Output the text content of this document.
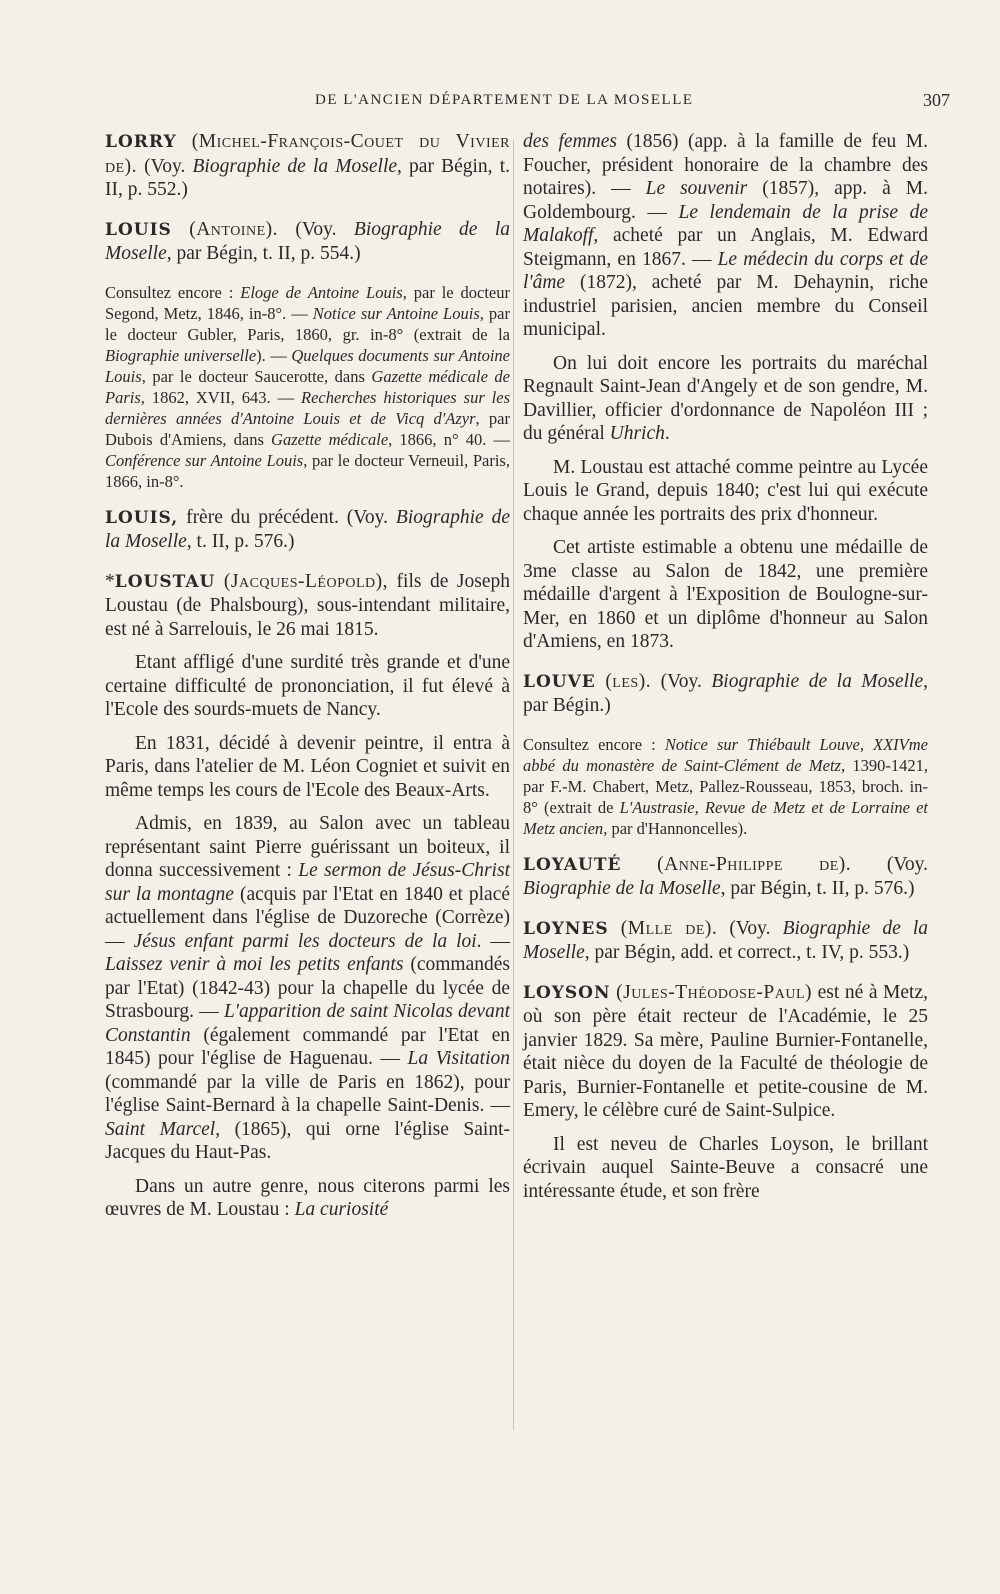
DE L'ANCIEN DÉPARTEMENT DE LA MOSELLE	307

LORRY (Michel-François-Couet du Vivier de). (Voy. Biographie de la Moselle, par Bégin, t. II, p. 552.)

LOUIS (Antoine). (Voy. Biographie de la Moselle, par Bégin, t. II, p. 554.)

Consultez encore : Eloge de Antoine Louis, par le docteur Segond, Metz, 1846, in-8°. — Notice sur Antoine Louis, par le docteur Gubler, Paris, 1860, gr. in-8° (extrait de la Biographie universelle). — Quelques documents sur Antoine Louis, par le docteur Saucerotte, dans Gazette médicale de Paris, 1862, XVII, 643. — Recherches historiques sur les dernières années d'Antoine Louis et de Vicq d'Azyr, par Dubois d'Amiens, dans Gazette médicale, 1866, n° 40. — Conférence sur Antoine Louis, par le docteur Verneuil, Paris, 1866, in-8°.

LOUIS, frère du précédent. (Voy. Biographie de la Moselle, t. II, p. 576.)

*LOUSTAU (Jacques-Léopold), fils de Joseph Loustau (de Phalsbourg), sous-intendant militaire, est né à Sarrelouis, le 26 mai 1815.

Etant affligé d'une surdité très grande et d'une certaine difficulté de prononciation, il fut élevé à l'Ecole des sourds-muets de Nancy.

En 1831, décidé à devenir peintre, il entra à Paris, dans l'atelier de M. Léon Cogniet et suivit en même temps les cours de l'Ecole des Beaux-Arts.

Admis, en 1839, au Salon avec un tableau représentant saint Pierre guérissant un boiteux, il donna successivement : Le sermon de Jésus-Christ sur la montagne (acquis par l'Etat en 1840 et placé actuellement dans l'église de Duzoreche (Corrèze) — Jésus enfant parmi les docteurs de la loi. — Laissez venir à moi les petits enfants (commandés par l'Etat) (1842-43) pour la chapelle du lycée de Strasbourg. — L'apparition de saint Nicolas devant Constantin (également commandé par l'Etat en 1845) pour l'église de Haguenau. — La Visitation (commandé par la ville de Paris en 1862), pour l'église Saint-Bernard à la chapelle Saint-Denis. — Saint Marcel, (1865), qui orne l'église Saint-Jacques du Haut-Pas.

Dans un autre genre, nous citerons parmi les œuvres de M. Loustau : La curiosité

des femmes (1856) (app. à la famille de feu M. Foucher, président honoraire de la chambre des notaires). — Le souvenir (1857), app. à M. Goldembourg. — Le lendemain de la prise de Malakoff, acheté par un Anglais, M. Edward Steigmann, en 1867. — Le médecin du corps et de l'âme (1872), acheté par M. Dehaynin, riche industriel parisien, ancien membre du Conseil municipal.

On lui doit encore les portraits du maréchal Regnault Saint-Jean d'Angely et de son gendre, M. Davillier, officier d'ordonnance de Napoléon III ; du général Uhrich.

M. Loustau est attaché comme peintre au Lycée Louis le Grand, depuis 1840; c'est lui qui exécute chaque année les portraits des prix d'honneur.

Cet artiste estimable a obtenu une médaille de 3me classe au Salon de 1842, une première médaille d'argent à l'Exposition de Boulogne-sur-Mer, en 1860 et un diplôme d'honneur au Salon d'Amiens, en 1873.

LOUVE (les). (Voy. Biographie de la Moselle, par Bégin.)

Consultez encore : Notice sur Thiébault Louve, XXIVme abbé du monastère de Saint-Clément de Metz, 1390-1421, par F.-M. Chabert, Metz, Pallez-Rousseau, 1853, broch. in-8° (extrait de L'Austrasie, Revue de Metz et de Lorraine et Metz ancien, par d'Hannoncelles).

LOYAUTÉ (Anne-Philippe de). (Voy. Biographie de la Moselle, par Bégin, t. II, p. 576.)

LOYNES (Mlle de). (Voy. Biographie de la Moselle, par Bégin, add. et correct., t. IV, p. 553.)

LOYSON (Jules-Théodose-Paul) est né à Metz, où son père était recteur de l'Académie, le 25 janvier 1829. Sa mère, Pauline Burnier-Fontanelle, était nièce du doyen de la Faculté de théologie de Paris, Burnier-Fontanelle et petite-cousine de M. Emery, le célèbre curé de Saint-Sulpice.

Il est neveu de Charles Loyson, le brillant écrivain auquel Sainte-Beuve a consacré une intéressante étude, et son frère
